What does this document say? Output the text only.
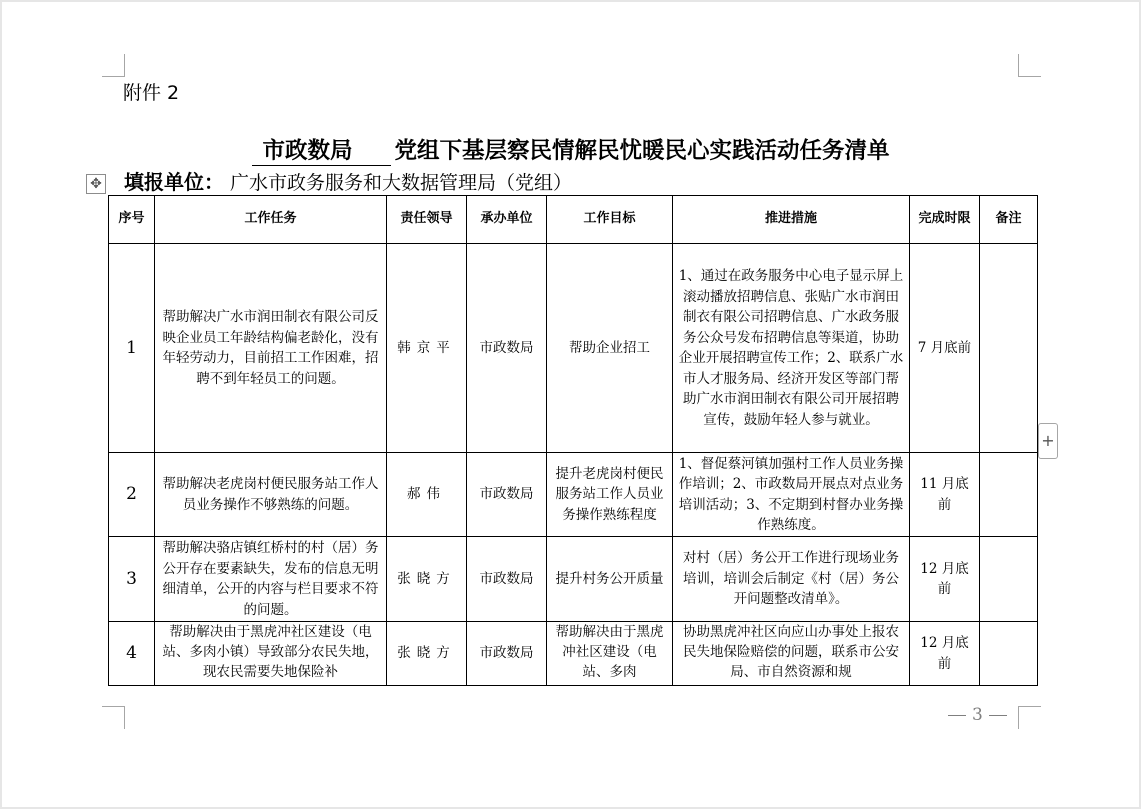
附件 2
市政数局 党组下基层察民情解民忧暖民心实践活动任务清单
✥ 填报单位： 广水市政务服务和大数据管理局（党组）
序号	工作任务	责任领导	承办单位	工作目标	推进措施	完成时限	备注
1	帮助解决广水市润田制衣有限公司反映企业员工年龄结构偏老龄化，没有年轻劳动力，目前招工工作困难，招聘不到年轻员工的问题。	韩京平	市政数局	帮助企业招工	1、通过在政务服务中心电子显示屏上滚动播放招聘信息、张贴广水市润田制衣有限公司招聘信息、广水政务服务公众号发布招聘信息等渠道，协助企业开展招聘宣传工作；2、联系广水市人才服务局、经济开发区等部门帮助广水市润田制衣有限公司开展招聘宣传，鼓励年轻人参与就业。	7 月底前	
2	帮助解决老虎岗村便民服务站工作人员业务操作不够熟练的问题。	郝伟	市政数局	提升老虎岗村便民服务站工作人员业务操作熟练程度	1、督促蔡河镇加强村工作人员业务操作培训；2、市政数局开展点对点业务培训活动；3、不定期到村督办业务操作熟练度。	11 月底前	
3	帮助解决骆店镇红桥村的村（居）务公开存在要素缺失，发布的信息无明细清单，公开的内容与栏目要求不符的问题。	张晓方	市政数局	提升村务公开质量	对村（居）务公开工作进行现场业务培训，培训会后制定《村（居）务公开问题整改清单》。	12 月底前	
4	帮助解决由于黑虎冲社区建设（电站、多肉小镇）导致部分农民失地，现农民需要失地保险补	张晓方	市政数局	帮助解决由于黑虎冲社区建设（电站、多肉	协助黑虎冲社区向应山办事处上报农民失地保险赔偿的问题，联系市公安局、市自然资源和规	12 月底前	
+
3
